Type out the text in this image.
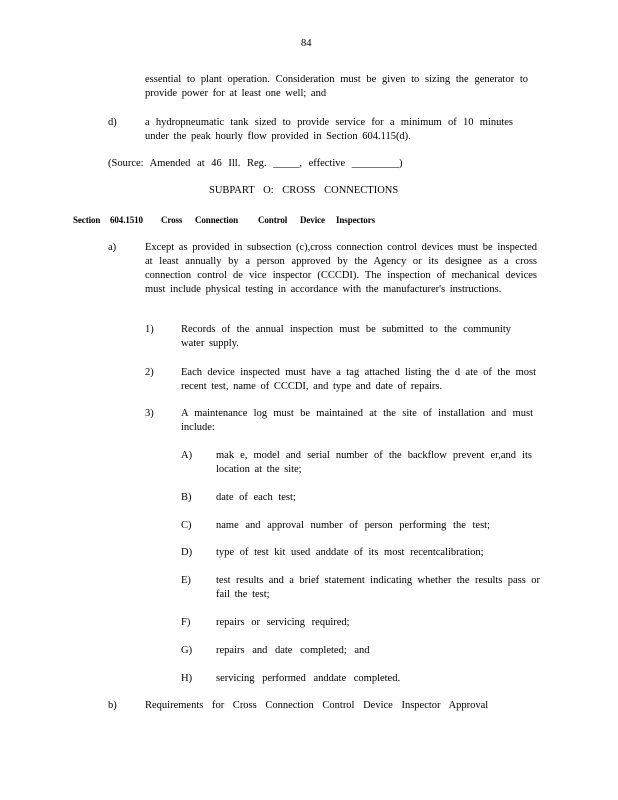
84
essential to plant operation. Consideration must be given to sizing the generator to provide power for at least one well; and
d)	a hydropneumatic tank sized to provide service for a minimum of 10 minutes under the peak hourly flow provided in Section 604.115(d).
(Source: Amended at 46 Ill. Reg. _____, effective _________)
SUBPART O: CROSS CONNECTIONS
Section 604.1510 Cross Connection Control Device Inspectors
a)	Except as provided in subsection (c),cross connection control devices must be inspected at least annually by a person approved by the Agency or its designee as a cross connection control de vice inspector (CCCDI). The inspection of mechanical devices must include physical testing in accordance with the manufacturer's instructions.
1)	Records of the annual inspection must be submitted to the community water supply.
2)	Each device inspected must have a tag attached listing the d ate of the most recent test, name of CCCDI, and type and date of repairs.
3)	A maintenance log must be maintained at the site of installation and must include:
A) mak e, model and serial number of the backflow prevent er,and its location at the site;
B) date of each test;
C) name and approval number of person performing the test;
D) type of test kit used anddate of its most recentcalibration;
E) test results and a brief statement indicating whether the results pass or fail the test;
F) repairs or servicing required;
G) repairs and date completed; and
H) servicing performed anddate completed.
b)	Requirements for Cross Connection Control Device Inspector Approval
